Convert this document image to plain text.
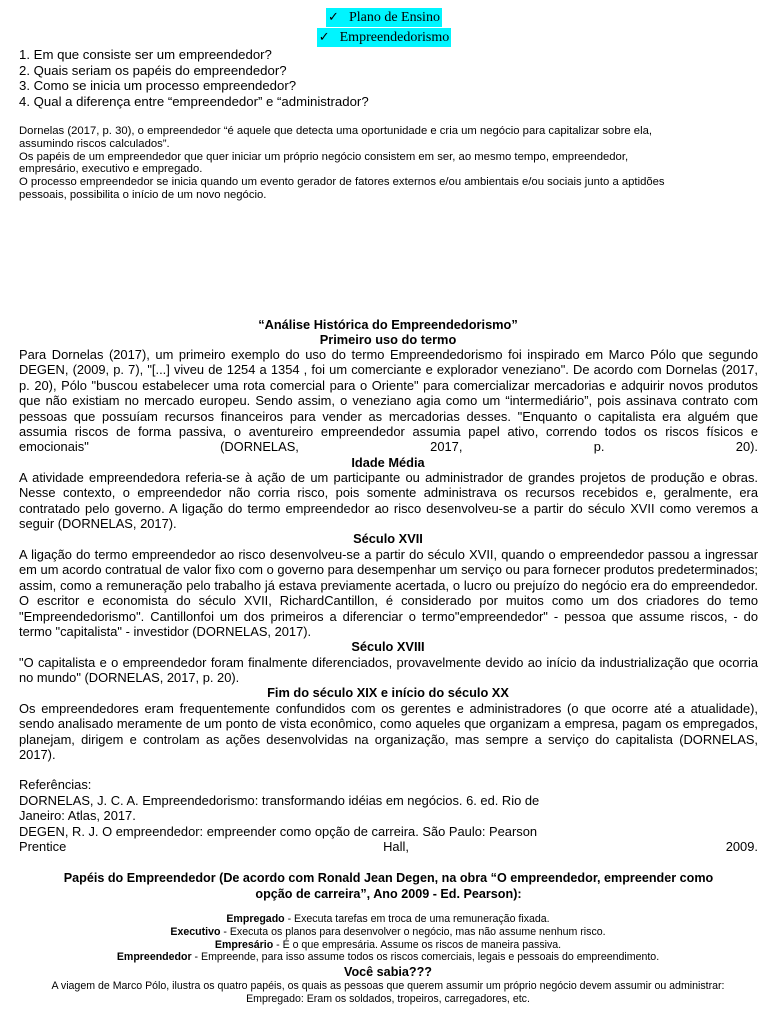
✓ Plano de Ensino
✓ Empreendedorismo
1. Em que consiste ser um empreendedor?
2. Quais seriam os papéis do empreendedor?
3. Como se inicia um processo empreendedor?
4. Qual a diferença entre “empreendedor” e “administrador?
Dornelas (2017, p. 30), o empreendedor “é aquele que detecta uma oportunidade e cria um negócio para capitalizar sobre ela,
assumindo riscos calculados”.
Os papéis de um empreendedor que quer iniciar um próprio negócio consistem em ser, ao mesmo tempo, empreendedor,
empresário, executivo e empregado.
O processo empreendedor se inicia quando um evento gerador de fatores externos e/ou ambientais e/ou sociais junto a aptidões
pessoais, possibilita o início de um novo negócio.
“Análise Histórica do Empreendedorismo”
Primeiro uso do termo

Para Dornelas (2017), um primeiro exemplo do uso do termo Empreendedorismo foi inspirado em Marco Pólo que segundo DEGEN, (2009, p. 7), "[...] viveu de 1254 a 1354 , foi um comerciante e explorador veneziano". De acordo com Dornelas (2017, p. 20), Pólo "buscou estabelecer uma rota comercial para o Oriente" para comercializar mercadorias e adquirir novos produtos que não existiam no mercado europeu. Sendo assim, o veneziano agia como um “intermediário”, pois assinava contrato com pessoas que possuíam recursos financeiros para vender as mercadorias desses. "Enquanto o capitalista era alguém que assumia riscos de forma passiva, o aventureiro empreendedor assumia papel ativo, correndo todos os riscos físicos e emocionais" (DORNELAS, 2017, p. 20).

Idade Média

A atividade empreendedora referia-se à ação de um participante ou administrador de grandes projetos de produção e obras. Nesse contexto, o empreendedor não corria risco, pois somente administrava os recursos recebidos e, geralmente, era contratado pelo governo. A ligação do termo empreendedor ao risco desenvolveu-se a partir do século XVII como veremos a seguir (DORNELAS, 2017).

Século XVII

A ligação do termo empreendedor ao risco desenvolveu-se a partir do século XVII, quando o empreendedor passou a ingressar em um acordo contratual de valor fixo com o governo para desempenhar um serviço ou para fornecer produtos predeterminados; assim, como a remuneração pelo trabalho já estava previamente acertada, o lucro ou prejuízo do negócio era do empreendedor. O escritor e economista do século XVII, RichardCantillon, é considerado por muitos como um dos criadores do temo "Empreendedorismo". Cantillonfoi um dos primeiros a diferenciar o termo"empreendedor" - pessoa que assume riscos, - do termo "capitalista" - investidor (DORNELAS, 2017).

Século XVIII

"O capitalista e o empreendedor foram finalmente diferenciados, provavelmente devido ao início da industrialização que ocorria no mundo" (DORNELAS, 2017, p. 20).

Fim do século XIX e início do século XX

Os empreendedores eram frequentemente confundidos com os gerentes e administradores (o que ocorre até a atualidade), sendo analisado meramente de um ponto de vista econômico, como aqueles que organizam a empresa, pagam os empregados, planejam, dirigem e controlam as ações desenvolvidas na organização, mas sempre a serviço do capitalista (DORNELAS, 2017).

Referências:
DORNELAS, J. C. A. Empreendedorismo: transformando idéias em negócios. 6. ed. Rio de
Janeiro: Atlas, 2017.
DEGEN, R. J. O empreendedor: empreender como opção de carreira. São Paulo: Pearson
Prentice	Hall,	2009.
Papéis do Empreendedor (De acordo com Ronald Jean Degen, na obra “O empreendedor, empreender como
opção de carreira”, Ano 2009 - Ed. Pearson):
Empregado - Executa tarefas em troca de uma remuneração fixada.
Executivo - Executa os planos para desenvolver o negócio, mas não assume nenhum risco.
Empresário - É o que empresária. Assume os riscos de maneira passiva.
Empreendedor - Empreende, para isso assume todos os riscos comerciais, legais e pessoais do empreendimento.
Você sabia???
A viagem de Marco Pólo, ilustra os quatro papéis, os quais as pessoas que querem assumir um próprio negócio devem assumir ou administrar:
Empregado: Eram os soldados, tropeiros, carregadores, etc.
